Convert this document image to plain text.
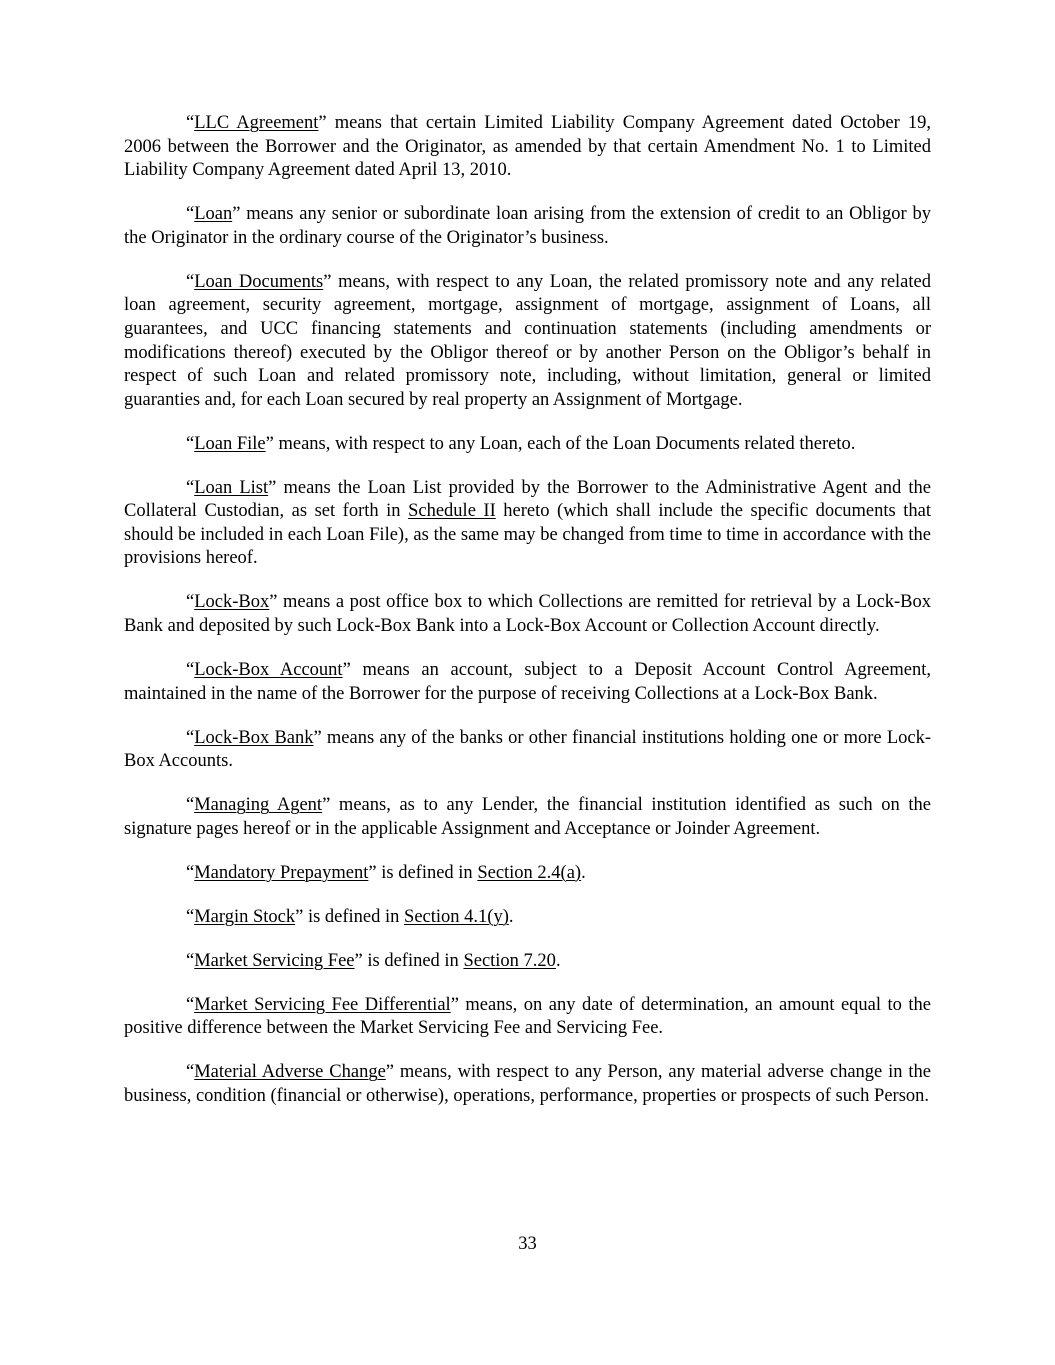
“LLC Agreement” means that certain Limited Liability Company Agreement dated October 19, 2006 between the Borrower and the Originator, as amended by that certain Amendment No. 1 to Limited Liability Company Agreement dated April 13, 2010.

“Loan” means any senior or subordinate loan arising from the extension of credit to an Obligor by the Originator in the ordinary course of the Originator’s business.

“Loan Documents” means, with respect to any Loan, the related promissory note and any related loan agreement, security agreement, mortgage, assignment of mortgage, assignment of Loans, all guarantees, and UCC financing statements and continuation statements (including amendments or modifications thereof) executed by the Obligor thereof or by another Person on the Obligor’s behalf in respect of such Loan and related promissory note, including, without limitation, general or limited guaranties and, for each Loan secured by real property an Assignment of Mortgage.

“Loan File” means, with respect to any Loan, each of the Loan Documents related thereto.

“Loan List” means the Loan List provided by the Borrower to the Administrative Agent and the Collateral Custodian, as set forth in Schedule II hereto (which shall include the specific documents that should be included in each Loan File), as the same may be changed from time to time in accordance with the provisions hereof.

“Lock-Box” means a post office box to which Collections are remitted for retrieval by a Lock-Box Bank and deposited by such Lock-Box Bank into a Lock-Box Account or Collection Account directly.

“Lock-Box Account” means an account, subject to a Deposit Account Control Agreement, maintained in the name of the Borrower for the purpose of receiving Collections at a Lock-Box Bank.

“Lock-Box Bank” means any of the banks or other financial institutions holding one or more Lock-Box Accounts.

“Managing Agent” means, as to any Lender, the financial institution identified as such on the signature pages hereof or in the applicable Assignment and Acceptance or Joinder Agreement.

“Mandatory Prepayment” is defined in Section 2.4(a).

“Margin Stock” is defined in Section 4.1(y).

“Market Servicing Fee” is defined in Section 7.20.

“Market Servicing Fee Differential” means, on any date of determination, an amount equal to the positive difference between the Market Servicing Fee and Servicing Fee.

“Material Adverse Change” means, with respect to any Person, any material adverse change in the business, condition (financial or otherwise), operations, performance, properties or prospects of such Person.

33
